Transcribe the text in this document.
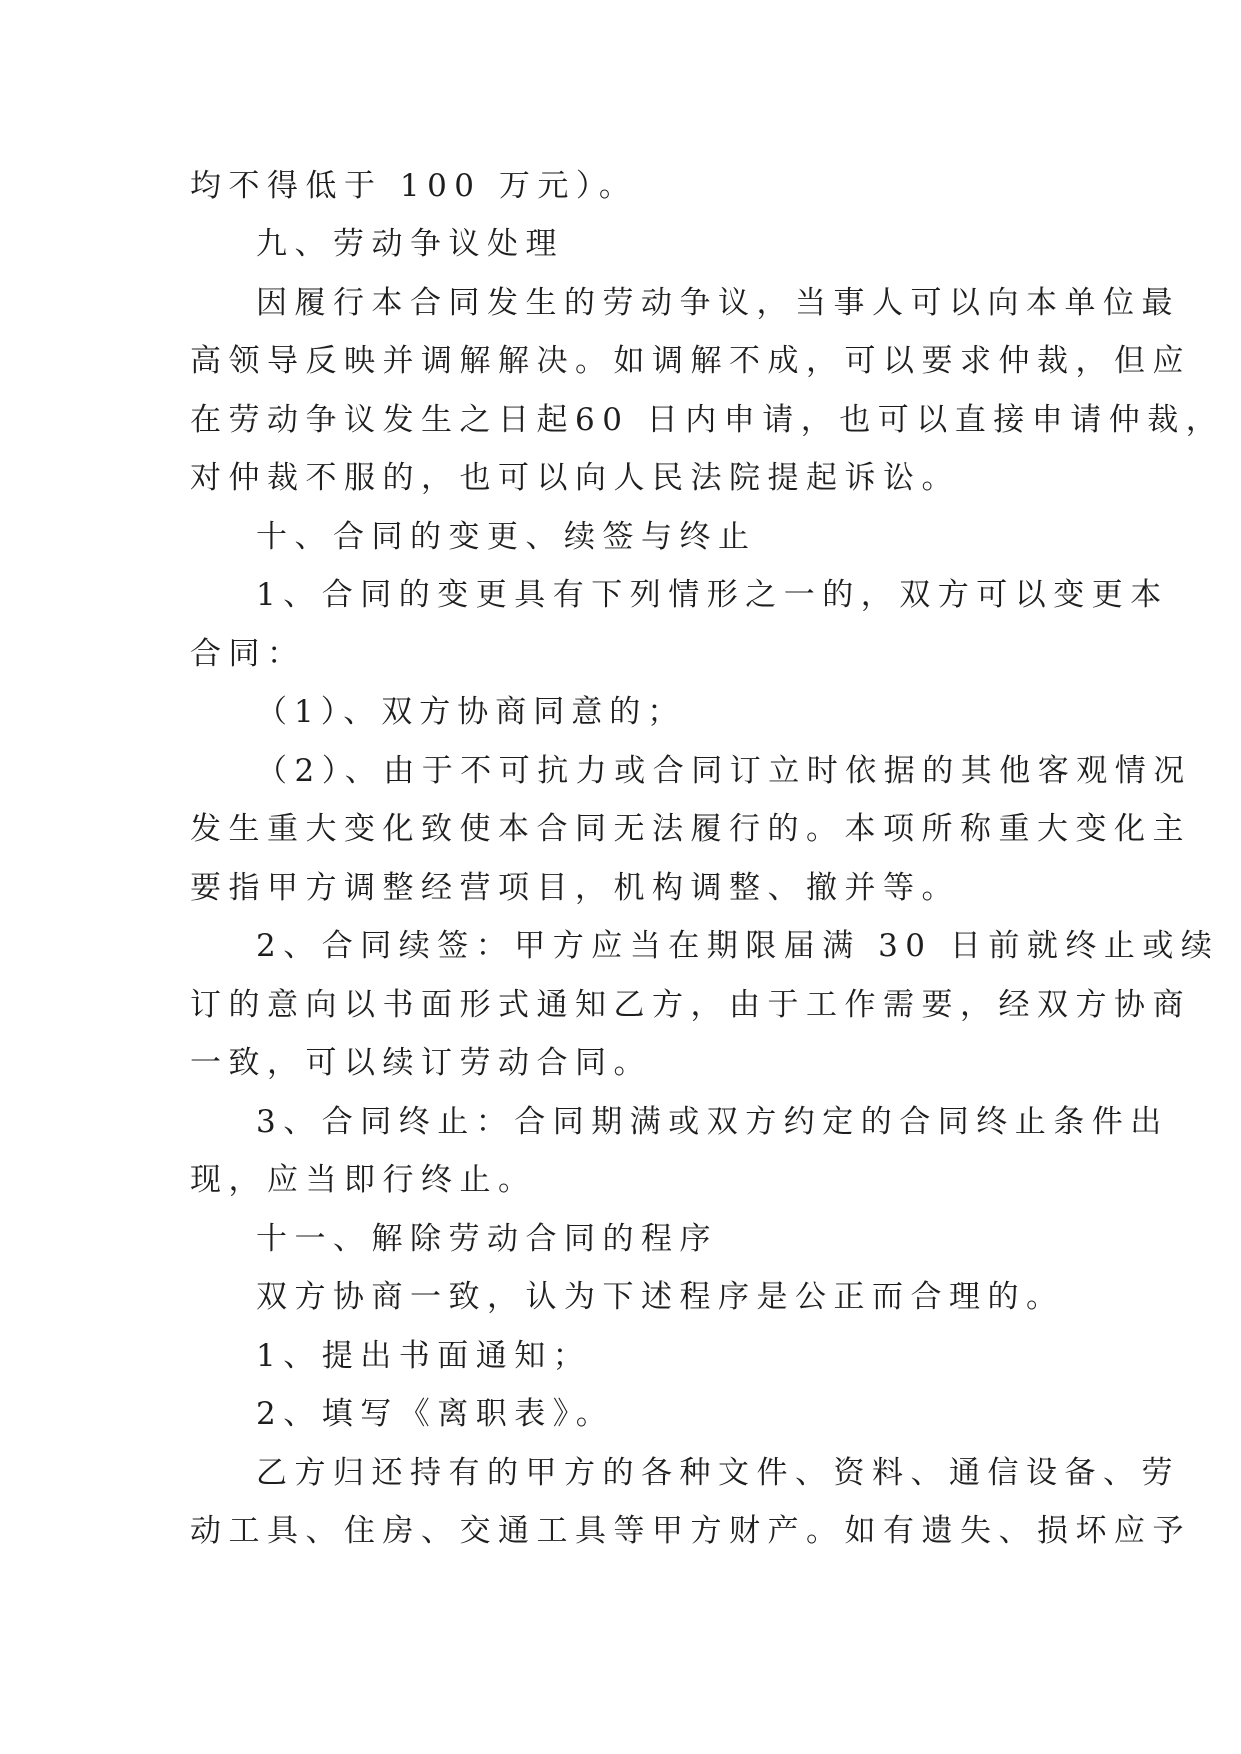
均不得低于 100 万元）。
九、劳动争议处理
因履行本合同发生的劳动争议，当事人可以向本单位最
高领导反映并调解解决。如调解不成，可以要求仲裁，但应
在劳动争议发生之日起60 日内申请，也可以直接申请仲裁，
对仲裁不服的，也可以向人民法院提起诉讼。
十、合同的变更、续签与终止
1、合同的变更具有下列情形之一的，双方可以变更本
合同：
（1）、双方协商同意的；
（2）、由于不可抗力或合同订立时依据的其他客观情况
发生重大变化致使本合同无法履行的。本项所称重大变化主
要指甲方调整经营项目，机构调整、撤并等。
2、合同续签：甲方应当在期限届满 30 日前就终止或续
订的意向以书面形式通知乙方，由于工作需要，经双方协商
一致，可以续订劳动合同。
3、合同终止：合同期满或双方约定的合同终止条件出
现，应当即行终止。
十一、解除劳动合同的程序
双方协商一致，认为下述程序是公正而合理的。
1、提出书面通知；
2、填写《离职表》。
乙方归还持有的甲方的各种文件、资料、通信设备、劳
动工具、住房、交通工具等甲方财产。如有遗失、损坏应予
